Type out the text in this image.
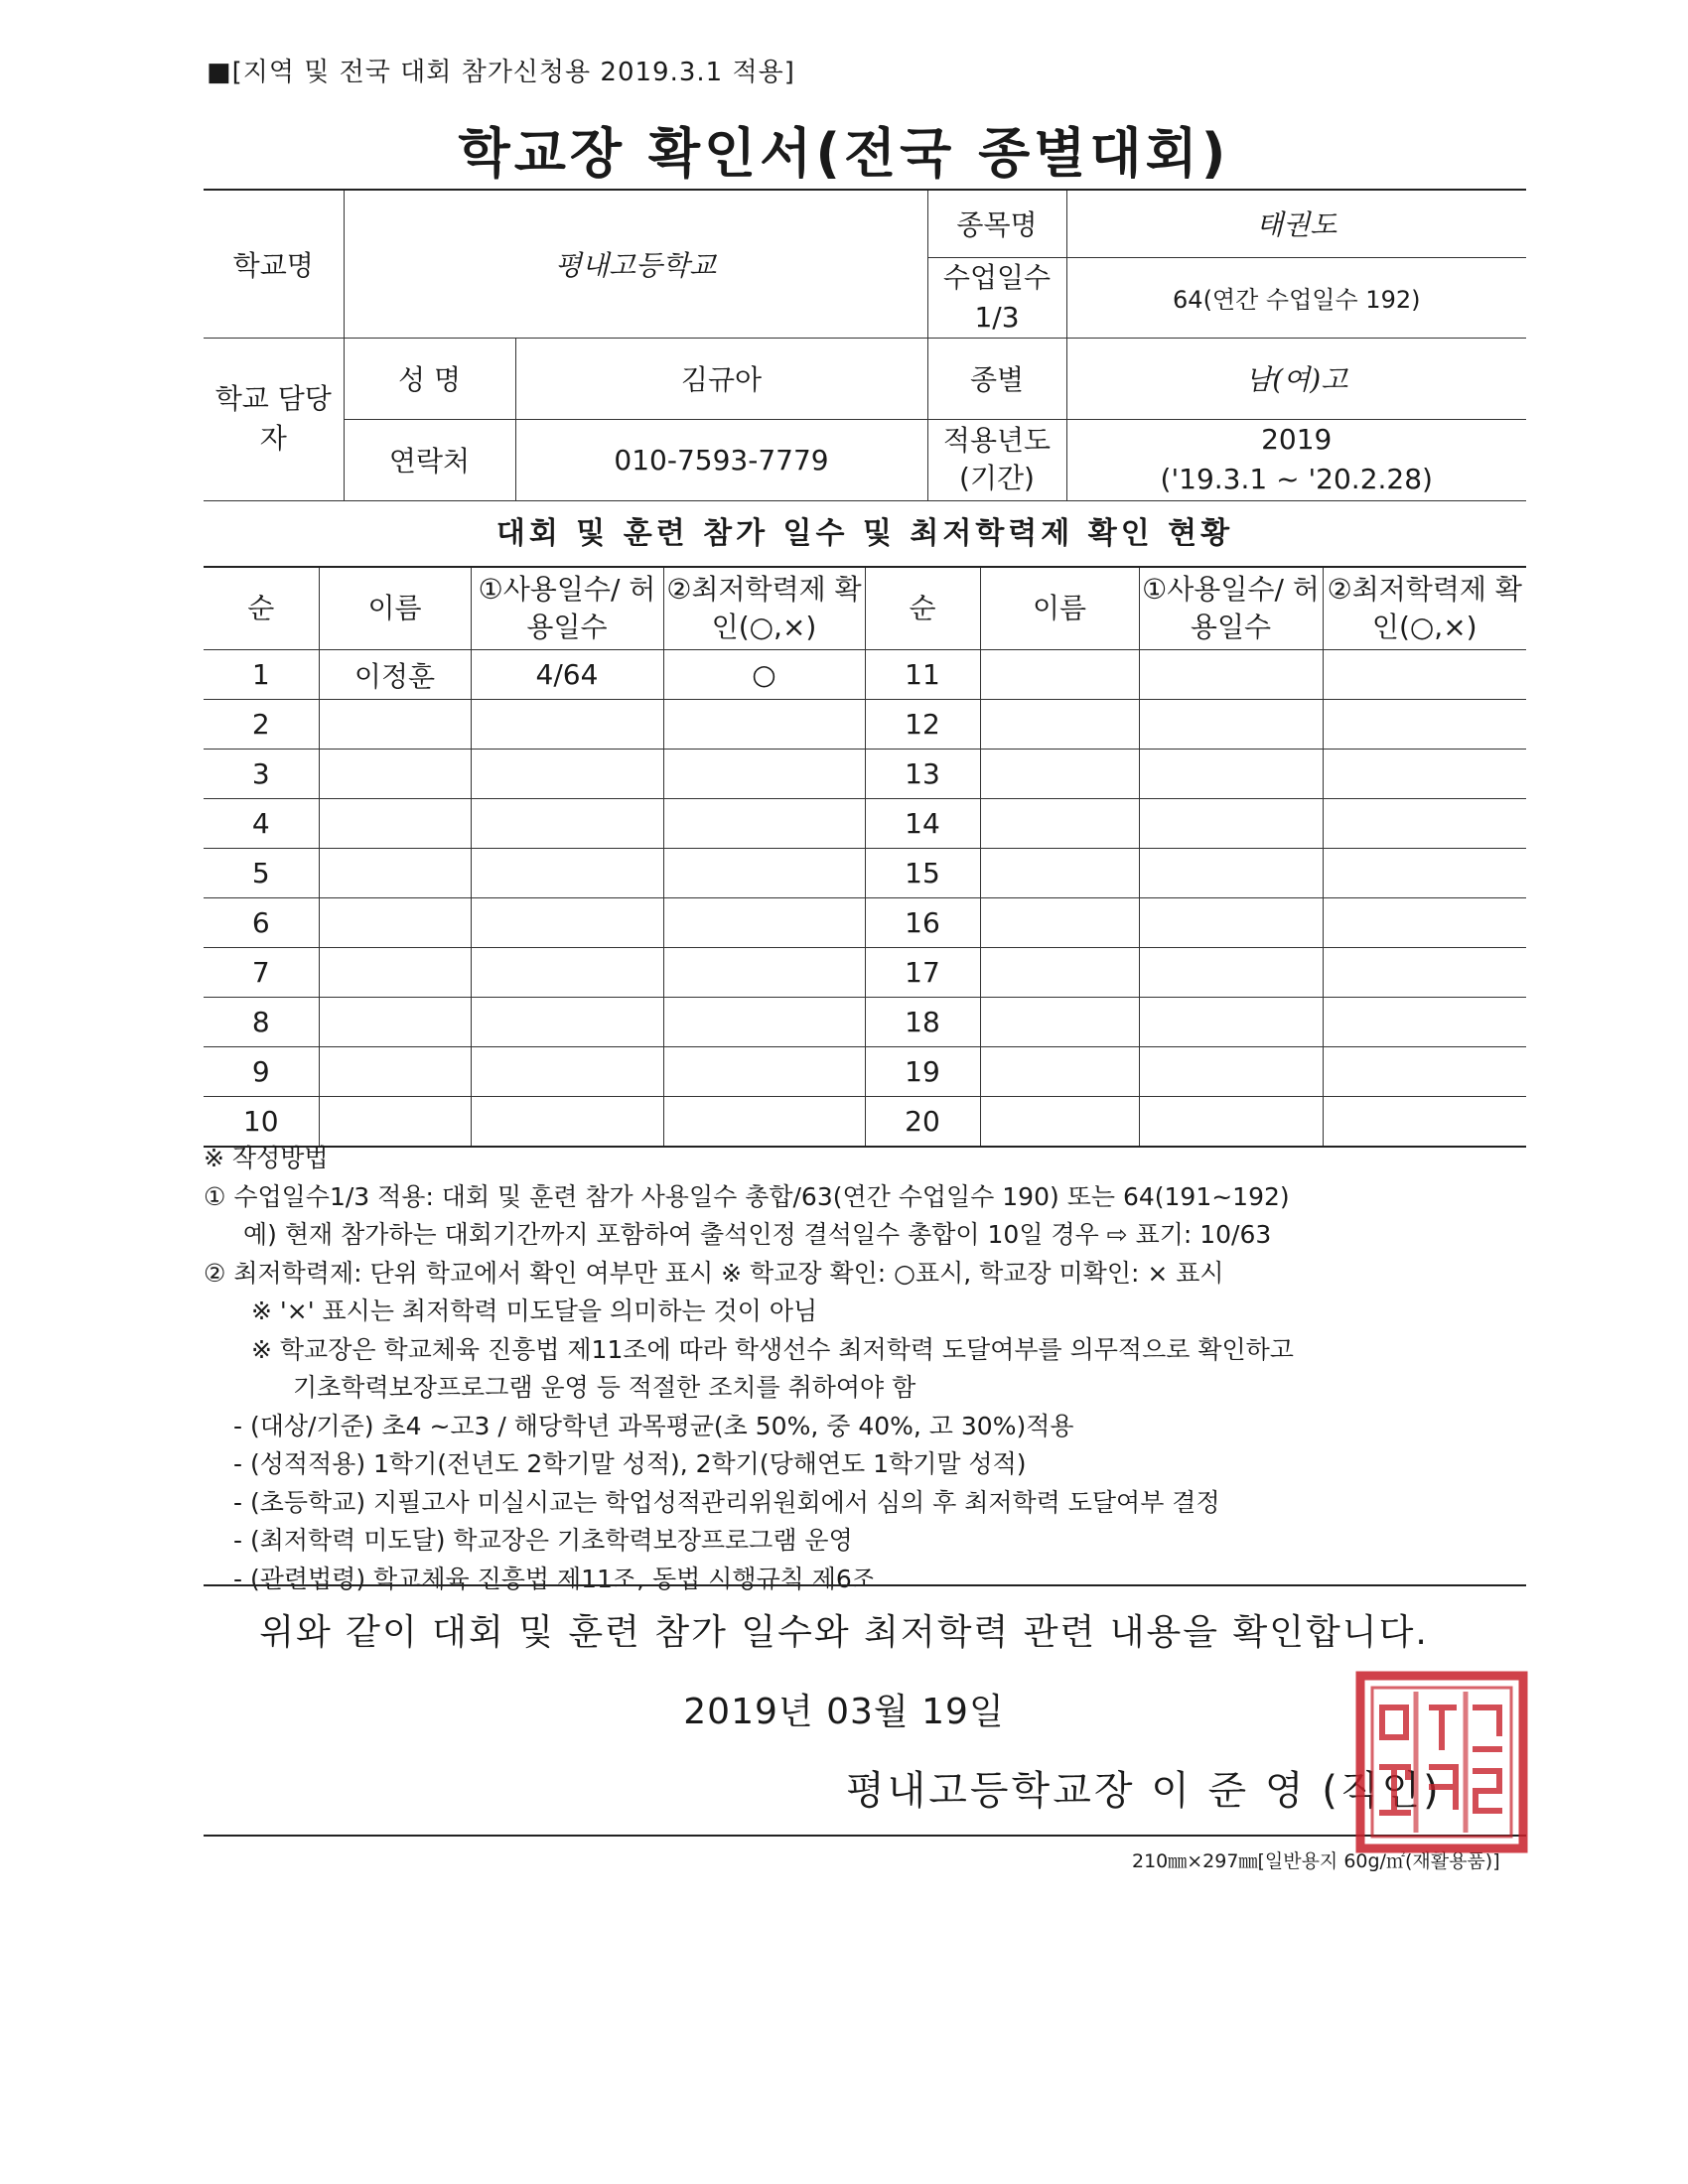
■[지역 및 전국 대회 참가신청용 2019.3.1 적용]
학교장 확인서(전국 종별대회)
학교명	평내고등학교		종목명	태권도
			수업일수 1/3	64(연간 수업일수 192)
학교 담당자	성 명	김규아	종별	남(여)고
	연락처	010-7593-7779	적용년도 (기간)	2019
('19.3.1 ~ '20.2.28)
대회 및 훈련 참가 일수 및 최저학력제 확인 현황
순	이름	①사용일수/ 허용일수	②최저학력제 확인(○,×)	순	이름	①사용일수/ 허용일수	②최저학력제 확인(○,×)
1	이정훈	4/64	○	11			
2				12			
3				13			
4				14			
5				15			
6				16			
7				17			
8				18			
9				19			
10				20			
※ 작성방법
① 수업일수1/3 적용: 대회 및 훈련 참가 사용일수 총합/63(연간 수업일수 190) 또는 64(191~192)
예) 현재 참가하는 대회기간까지 포함하여 출석인정 결석일수 총합이 10일 경우 ⇨ 표기: 10/63
② 최저학력제: 단위 학교에서 확인 여부만 표시 ※ 학교장 확인: ○표시, 학교장 미확인: × 표시
※ '×' 표시는 최저학력 미도달을 의미하는 것이 아님
※ 학교장은 학교체육 진흥법 제11조에 따라 학생선수 최저학력 도달여부를 의무적으로 확인하고
기초학력보장프로그램 운영 등 적절한 조치를 취하여야 함
- (대상/기준) 초4 ~고3 / 해당학년 과목평균(초 50%, 중 40%, 고 30%)적용
- (성적적용) 1학기(전년도 2학기말 성적), 2학기(당해연도 1학기말 성적)
- (초등학교) 지필고사 미실시교는 학업성적관리위원회에서 심의 후 최저학력 도달여부 결정
- (최저학력 미도달) 학교장은 기초학력보장프로그램 운영
- (관련법령) 학교체육 진흥법 제11조, 동법 시행규칙 제6조
위와 같이 대회 및 훈련 참가 일수와 최저학력 관련 내용을 확인합니다.
2019년 03월 19일
평내고등학교장 이 준 영 (직인)
210㎜×297㎜[일반용지 60g/㎡(재활용품)]
